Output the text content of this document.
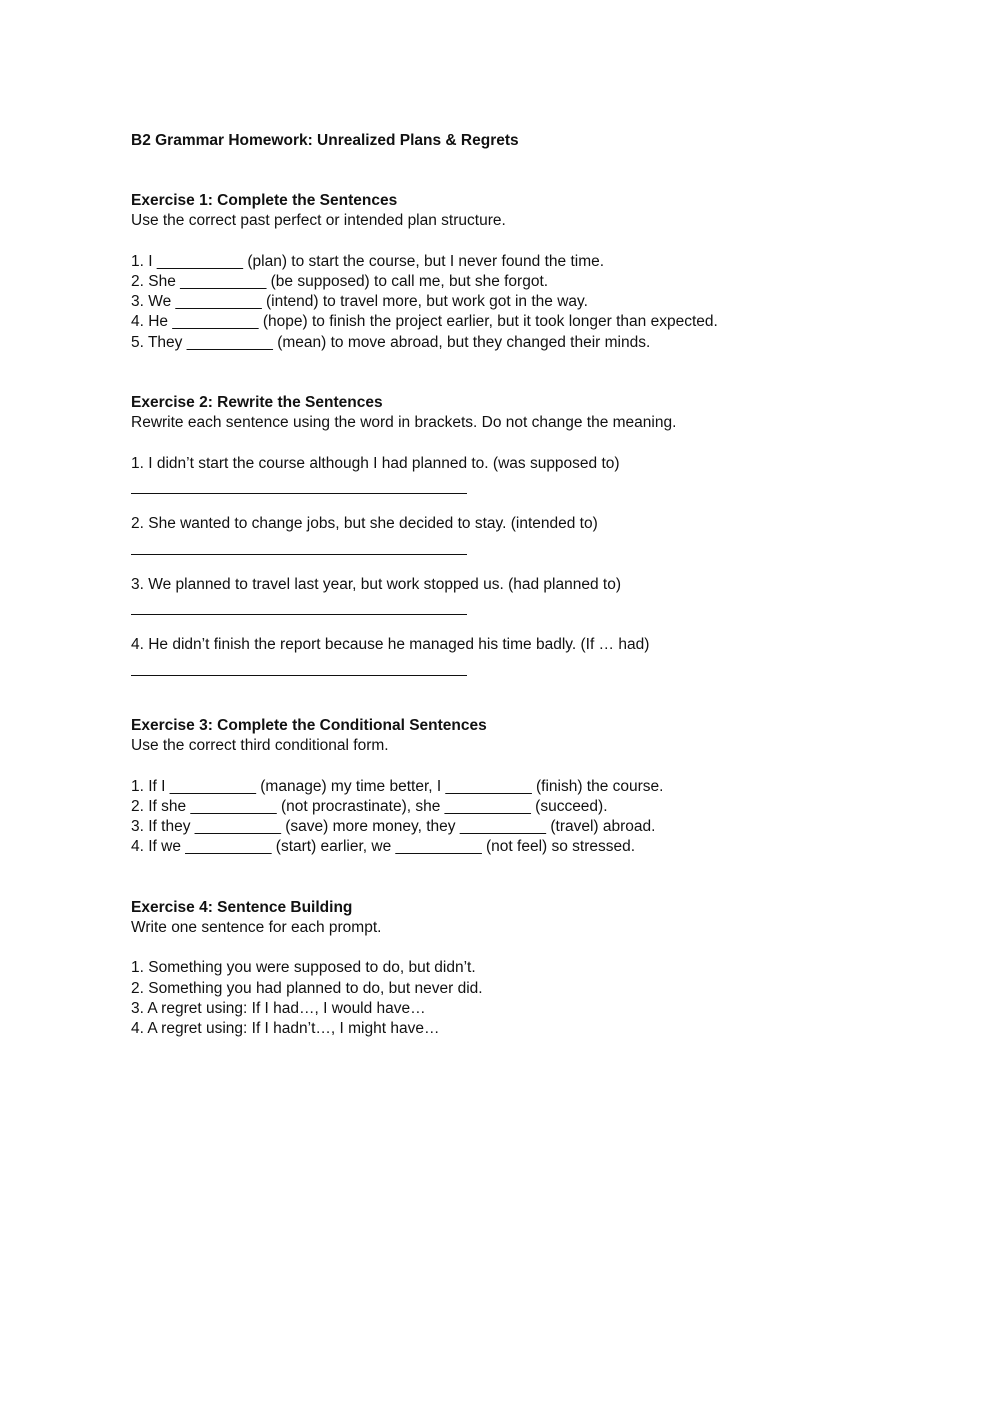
B2 Grammar Homework: Unrealized Plans & Regrets
Exercise 1: Complete the Sentences
Use the correct past perfect or intended plan structure.
1. I __________ (plan) to start the course, but I never found the time.
2. She __________ (be supposed) to call me, but she forgot.
3. We __________ (intend) to travel more, but work got in the way.
4. He __________ (hope) to finish the project earlier, but it took longer than expected.
5. They __________ (mean) to move abroad, but they changed their minds.
Exercise 2: Rewrite the Sentences
Rewrite each sentence using the word in brackets. Do not change the meaning.
1. I didn’t start the course although I had planned to. (was supposed to)
2. She wanted to change jobs, but she decided to stay. (intended to)
3. We planned to travel last year, but work stopped us. (had planned to)
4. He didn’t finish the report because he managed his time badly. (If … had)
Exercise 3: Complete the Conditional Sentences
Use the correct third conditional form.
1. If I __________ (manage) my time better, I __________ (finish) the course.
2. If she __________ (not procrastinate), she __________ (succeed).
3. If they __________ (save) more money, they __________ (travel) abroad.
4. If we __________ (start) earlier, we __________ (not feel) so stressed.
Exercise 4: Sentence Building
Write one sentence for each prompt.
1. Something you were supposed to do, but didn’t.
2. Something you had planned to do, but never did.
3. A regret using: If I had…, I would have…
4. A regret using: If I hadn’t…, I might have…
